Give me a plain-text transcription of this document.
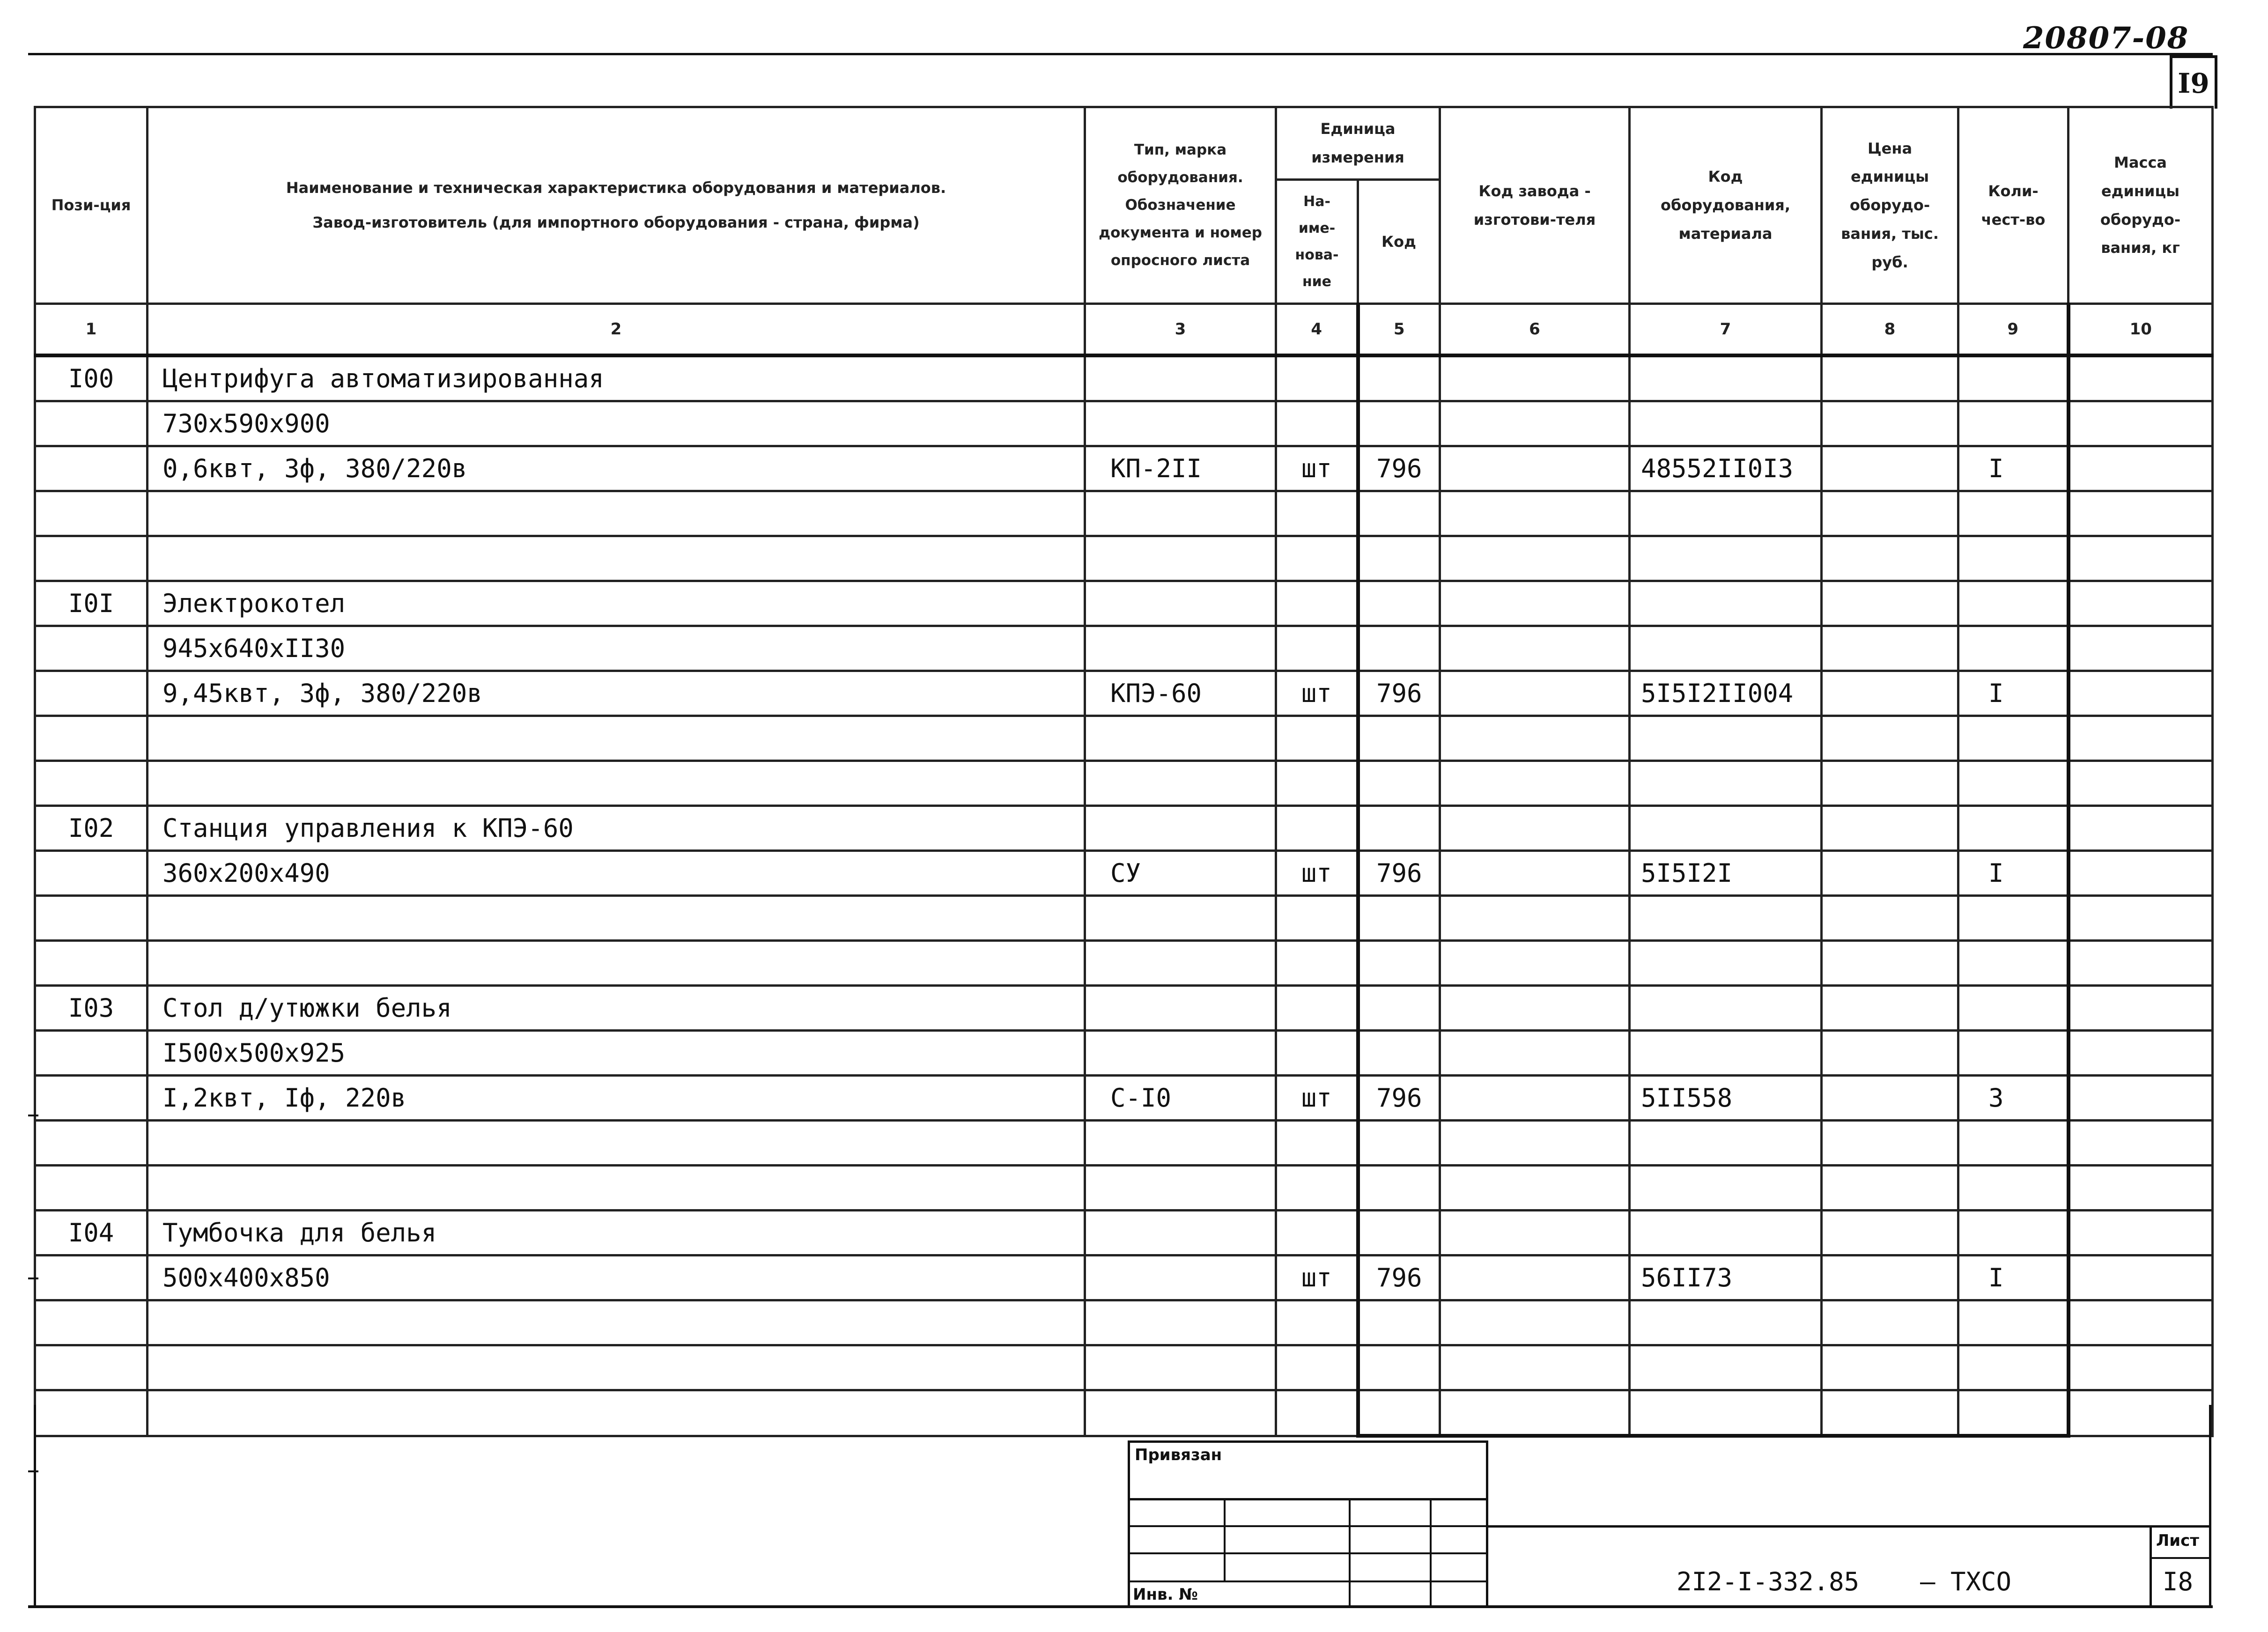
20807-08
I9
Пози-ция	Наименование и техническая характеристика оборудования и материалов.
Завод-изготовитель (для импортного оборудования - страна, фирма)	Тип, марка оборудования. Обозначение документа и номер опросного листа	Единица измерения		Код завода - изготови-теля	Код оборудования, материала	Цена единицы оборудо-вания, тыс. руб.	Коли-чест-во	Масса единицы оборудо-вания, кг
			На-име-нова-ние	Код					
1	2	3	4	5	6	7	8	9	10
I00	Центрифуга автоматизированная								
	730x590x900								
	0,6квт, 3ф, 380/220в	КП-2II	шт	796		48552II0I3		I	

I0I	Электрокотел								
	945x640xII30								
	9,45квт, 3ф, 380/220в	КПЭ-60	шт	796		5I5I2II004		I	

I02	Станция управления к КПЭ-60								
	360x200x490	СУ	шт	796		5I5I2I		I	

I03	Стол д/утюжки белья								
	I500x500x925								
	I,2квт, Iф, 220в	С-I0	шт	796		5II558		3	

I04	Тумбочка для белья								
	500x400x850		шт	796		56II73		I	

Привязан
Инв. №	2I2-I-332.85 – ТХСО
Лист
I8
